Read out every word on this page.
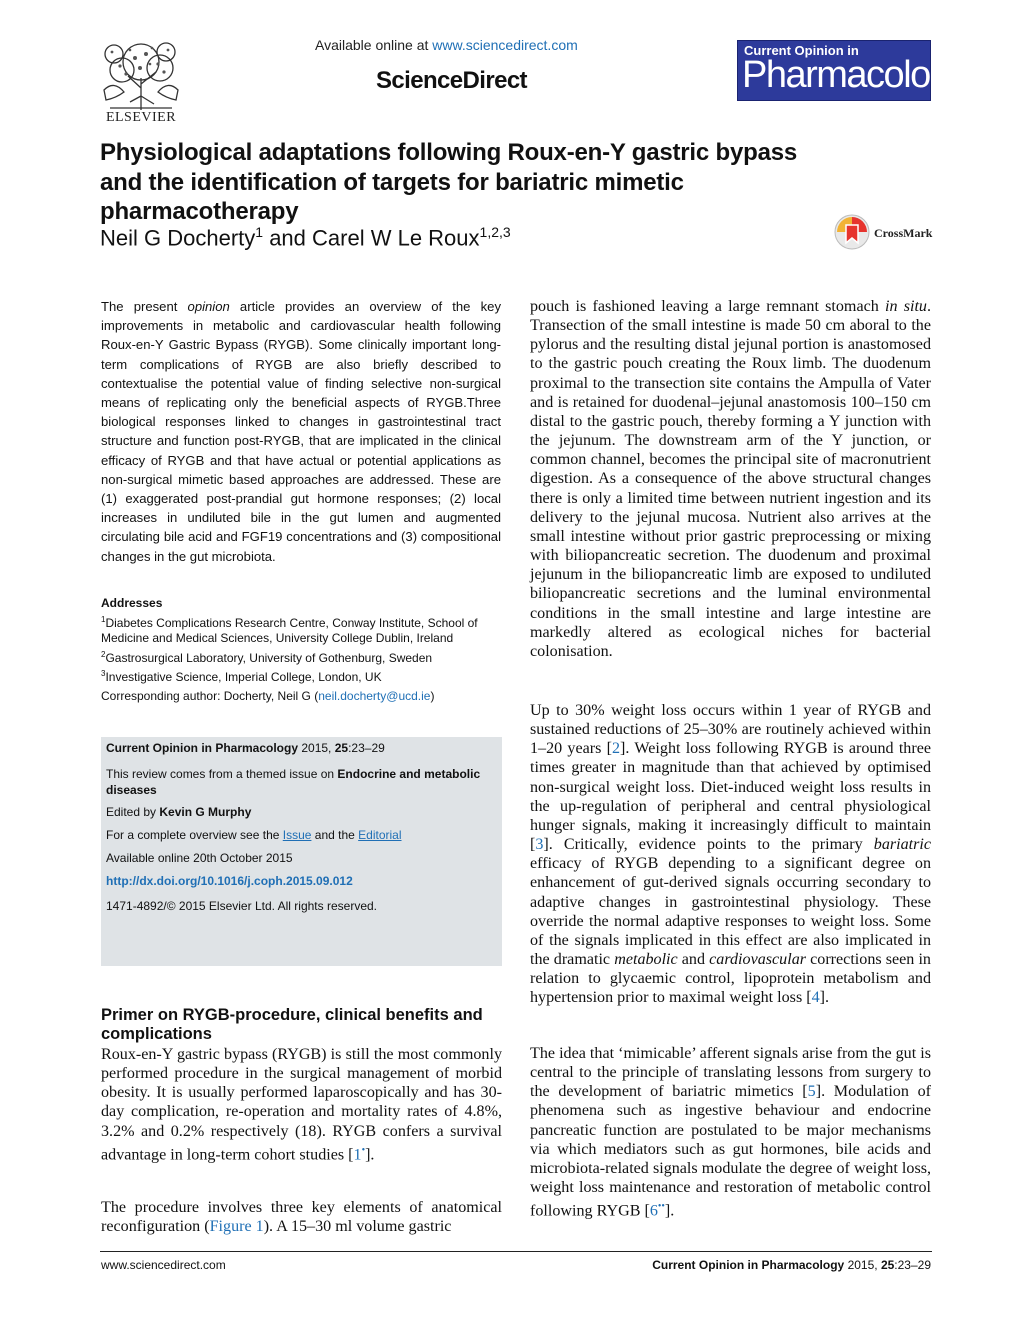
ELSEVIER
Available online at www.sciencedirect.com
ScienceDirect
Current Opinion in
Pharmacology
Physiological adaptations following Roux-en-Y gastric bypass and the identification of targets for bariatric mimetic pharmacotherapy
Neil G Docherty$^1$ and Carel W Le Roux$^{1,2,3}$	CrossMark

The present opinion article provides an overview of the key improvements in metabolic and cardiovascular health following Roux-en-Y Gastric Bypass (RYGB). Some clinically important long-term complications of RYGB are also briefly described to contextualise the potential value of finding selective non-surgical means of replicating only the beneficial aspects of RYGB.Three biological responses linked to changes in gastrointestinal tract structure and function post-RYGB, that are implicated in the clinical efficacy of RYGB and that have actual or potential applications as non-surgical mimetic based approaches are addressed. These are (1) exaggerated post-prandial gut hormone responses; (2) local increases in undiluted bile in the gut lumen and augmented circulating bile acid and FGF19 concentrations and (3) compositional changes in the gut microbiota.

Addresses
$^1$Diabetes Complications Research Centre, Conway Institute, School of Medicine and Medical Sciences, University College Dublin, Ireland
$^2$Gastrosurgical Laboratory, University of Gothenburg, Sweden
$^3$Investigative Science, Imperial College, London, UK
Corresponding author: Docherty, Neil G (neil.docherty@ucd.ie)
Current Opinion in Pharmacology 2015, 25:23–29
This review comes from a themed issue on Endocrine and metabolic diseases
Edited by Kevin G Murphy
For a complete overview see the Issue and the Editorial
Available online 20th October 2015
http://dx.doi.org/10.1016/j.coph.2015.09.012
1471-4892/© 2015 Elsevier Ltd. All rights reserved.
Primer on RYGB-procedure, clinical benefits and complications

Roux-en-Y gastric bypass (RYGB) is still the most commonly performed procedure in the surgical management of morbid obesity. It is usually performed laparoscopically and has 30-day complication, re-operation and mortality rates of 4.8%, 3.2% and 0.2% respectively (18). RYGB confers a survival advantage in long-term cohort studies [1•].

The procedure involves three key elements of anatomical reconfiguration (Figure 1). A 15–30 ml volume gastric

pouch is fashioned leaving a large remnant stomach in situ. Transection of the small intestine is made 50 cm aboral to the pylorus and the resulting distal jejunal portion is anastomosed to the gastric pouch creating the Roux limb. The duodenum proximal to the transection site contains the Ampulla of Vater and is retained for duodenal–jejunal anastomosis 100–150 cm distal to the gastric pouch, thereby forming a Y junction with the jejunum. The downstream arm of the Y junction, or common channel, becomes the principal site of macronutrient digestion. As a consequence of the above structural changes there is only a limited time between nutrient ingestion and its delivery to the jejunal mucosa. Nutrient also arrives at the small intestine without prior gastric preprocessing or mixing with biliopancreatic secretion. The duodenum and proximal jejunum in the biliopancreatic limb are exposed to undiluted biliopancreatic secretions and the luminal environmental conditions in the small intestine and large intestine are markedly altered as ecological niches for bacterial colonisation.

Up to 30% weight loss occurs within 1 year of RYGB and sustained reductions of 25–30% are routinely achieved within 1–20 years [2]. Weight loss following RYGB is around three times greater in magnitude than that achieved by optimised non-surgical weight loss. Diet-induced weight loss results in the up-regulation of peripheral and central physiological hunger signals, making it increasingly difficult to maintain [3]. Critically, evidence points to the primary bariatric efficacy of RYGB depending to a significant degree on enhancement of gut-derived signals occurring secondary to adaptive changes in gastrointestinal physiology. These override the normal adaptive responses to weight loss. Some of the signals implicated in this effect are also implicated in the dramatic metabolic and cardiovascular corrections seen in relation to glycaemic control, lipoprotein metabolism and hypertension prior to maximal weight loss [4].

The idea that ‘mimicable’ afferent signals arise from the gut is central to the principle of translating lessons from surgery to the development of bariatric mimetics [5]. Modulation of phenomena such as ingestive behaviour and endocrine pancreatic function are postulated to be major mechanisms via which mediators such as gut hormones, bile acids and microbiota-related signals modulate the degree of weight loss, weight loss maintenance and restoration of metabolic control following RYGB [6••].

www.sciencedirect.com	Current Opinion in Pharmacology 2015, 25:23–29
